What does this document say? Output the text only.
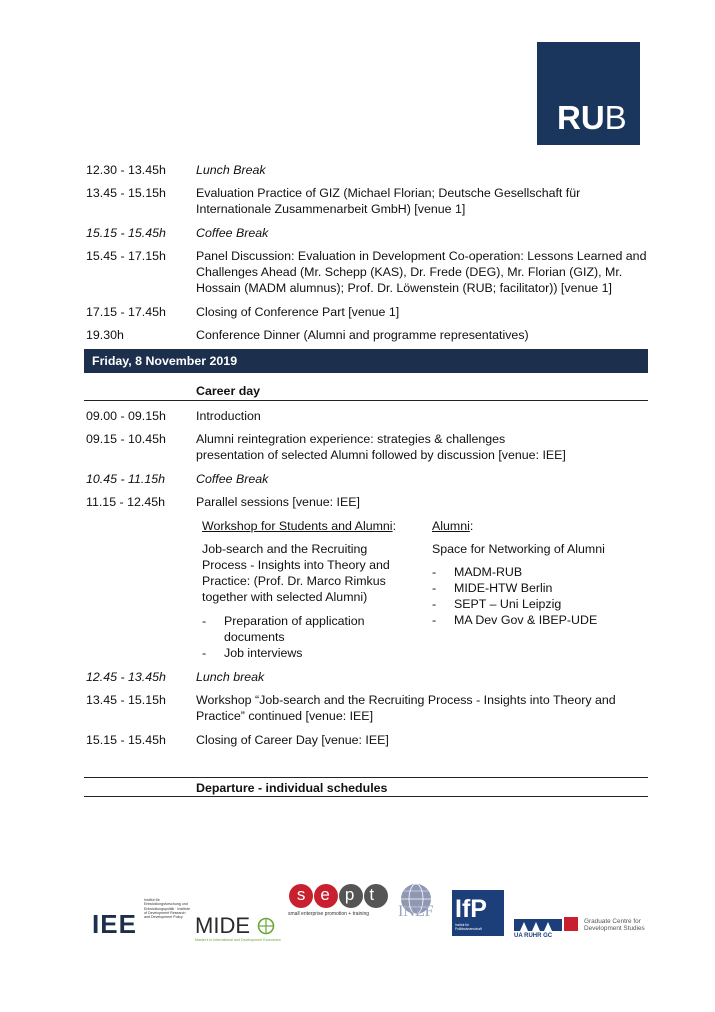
RUB
12.30 - 13.45h Lunch Break
13.45 - 15.15h Evaluation Practice of GIZ (Michael Florian; Deutsche Gesellschaft für Internationale Zusammenarbeit GmbH) [venue 1]
15.15 - 15.45h Coffee Break
15.45 - 17.15h Panel Discussion: Evaluation in Development Co-operation: Lessons Learned and Challenges Ahead (Mr. Schepp (KAS), Dr. Frede (DEG), Mr. Florian (GIZ), Mr. Hossain (MADM alumnus); Prof. Dr. Löwenstein (RUB; facilitator)) [venue 1]
17.15 - 17.45h Closing of Conference Part [venue 1]
19.30h	Conference Dinner (Alumni and programme representatives)
Friday, 8 November 2019
Career day
09.00 - 09.15h Introduction
09.15 - 10.45h Alumni reintegration experience: strategies & challenges
presentation of selected Alumni followed by discussion [venue: IEE]
10.45 - 11.15h	Coffee Break
11.15 - 12.45h	Parallel sessions [venue: IEE]
Workshop for Students and Alumni:
Job-search and the Recruiting Process - Insights into Theory and Practice: (Prof. Dr. Marco Rimkus together with selected Alumni)
- Preparation of application documents
- Job interviews
Alumni:
Space for Networking of Alumni
- MADM-RUB
- MIDE-HTW Berlin
- SEPT – Uni Leipzig
- MA Dev Gov & IBEP-UDE
12.45 - 13.45h Lunch break
13.45 - 15.15h Workshop “Job-search and the Recruiting Process - Insights into Theory and Practice” continued [venue: IEE]
15.15 - 15.45h Closing of Career Day [venue: IEE]
Departure - individual schedules
IEE
Institut für Entwicklungsforschung und Entwicklungspolitik · Institute of Development Research and Development Policy MIDE
Master's in International and Development Economics
sept
small enterprise promotion + training	INEF IfP
Institut für Politikwissenschaft
UA RUHR GC
Graduate Centre for Development Studies
